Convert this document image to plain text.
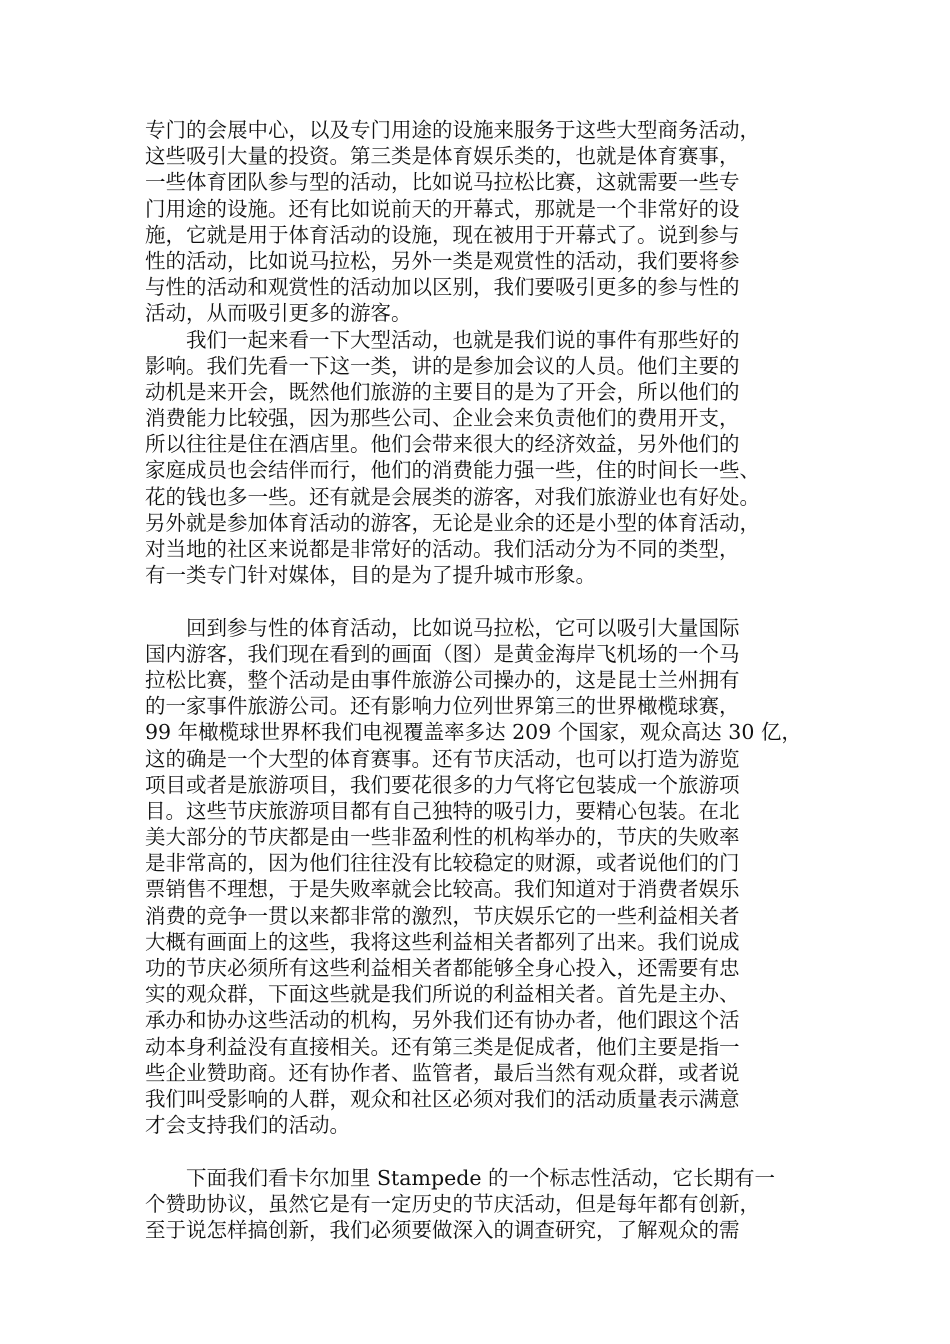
专门的会展中心，以及专门用途的设施来服务于这些大型商务活动，
这些吸引大量的投资。第三类是体育娱乐类的，也就是体育赛事，
一些体育团队参与型的活动，比如说马拉松比赛，这就需要一些专
门用途的设施。还有比如说前天的开幕式，那就是一个非常好的设
施，它就是用于体育活动的设施，现在被用于开幕式了。说到参与
性的活动，比如说马拉松，另外一类是观赏性的活动，我们要将参
与性的活动和观赏性的活动加以区别，我们要吸引更多的参与性的
活动，从而吸引更多的游客。
我们一起来看一下大型活动，也就是我们说的事件有那些好的
影响。我们先看一下这一类，讲的是参加会议的人员。他们主要的
动机是来开会，既然他们旅游的主要目的是为了开会，所以他们的
消费能力比较强，因为那些公司、企业会来负责他们的费用开支，
所以往往是住在酒店里。他们会带来很大的经济效益，另外他们的
家庭成员也会结伴而行，他们的消费能力强一些，住的时间长一些、
花的钱也多一些。还有就是会展类的游客，对我们旅游业也有好处。
另外就是参加体育活动的游客，无论是业余的还是小型的体育活动，
对当地的社区来说都是非常好的活动。我们活动分为不同的类型，
有一类专门针对媒体，目的是为了提升城市形象。
回到参与性的体育活动，比如说马拉松，它可以吸引大量国际
国内游客，我们现在看到的画面（图）是黄金海岸飞机场的一个马
拉松比赛，整个活动是由事件旅游公司操办的，这是昆士兰州拥有
的一家事件旅游公司。还有影响力位列世界第三的世界橄榄球赛，
99 年橄榄球世界杯我们电视覆盖率多达 209 个国家，观众高达 30 亿，
这的确是一个大型的体育赛事。还有节庆活动，也可以打造为游览
项目或者是旅游项目，我们要花很多的力气将它包装成一个旅游项
目。这些节庆旅游项目都有自己独特的吸引力，要精心包装。在北
美大部分的节庆都是由一些非盈利性的机构举办的，节庆的失败率
是非常高的，因为他们往往没有比较稳定的财源，或者说他们的门
票销售不理想，于是失败率就会比较高。我们知道对于消费者娱乐
消费的竞争一贯以来都非常的激烈，节庆娱乐它的一些利益相关者
大概有画面上的这些，我将这些利益相关者都列了出来。我们说成
功的节庆必须所有这些利益相关者都能够全身心投入，还需要有忠
实的观众群，下面这些就是我们所说的利益相关者。首先是主办、
承办和协办这些活动的机构，另外我们还有协办者，他们跟这个活
动本身利益没有直接相关。还有第三类是促成者，他们主要是指一
些企业赞助商。还有协作者、监管者，最后当然有观众群，或者说
我们叫受影响的人群，观众和社区必须对我们的活动质量表示满意
才会支持我们的活动。
下面我们看卡尔加里 Stampede 的一个标志性活动，它长期有一
个赞助协议，虽然它是有一定历史的节庆活动，但是每年都有创新，
至于说怎样搞创新，我们必须要做深入的调查研究，了解观众的需
